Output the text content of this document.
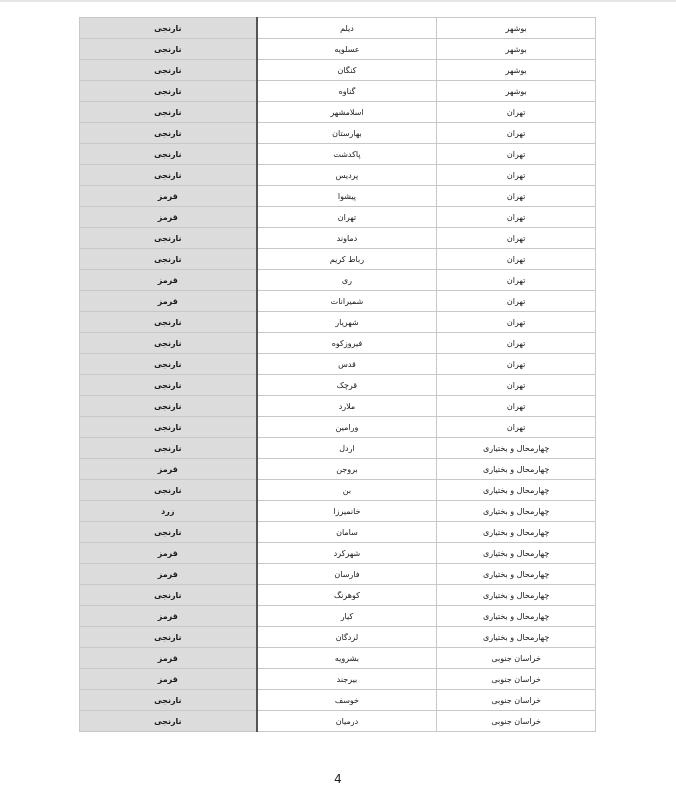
نارنجی	دیلم	بوشهر
نارنجی	عسلویه	بوشهر
نارنجی	کنگان	بوشهر
نارنجی	گناوه	بوشهر
نارنجی	اسلامشهر	تهران
نارنجی	بهارستان	تهران
نارنجی	پاکدشت	تهران
نارنجی	پردیس	تهران
قرمز	پیشوا	تهران
قرمز	تهران	تهران
نارنجی	دماوند	تهران
نارنجی	رباط کریم	تهران
قرمز	ری	تهران
قرمز	شمیرانات	تهران
نارنجی	شهریار	تهران
نارنجی	فیروزکوه	تهران
نارنجی	قدس	تهران
نارنجی	قرچک	تهران
نارنجی	ملارد	تهران
نارنجی	ورامین	تهران
نارنجی	اردل	چهارمحال و بختیاری
قرمز	بروجن	چهارمحال و بختیاری
نارنجی	بن	چهارمحال و بختیاری
زرد	خانمیرزا	چهارمحال و بختیاری
نارنجی	سامان	چهارمحال و بختیاری
قرمز	شهرکرد	چهارمحال و بختیاری
قرمز	فارسان	چهارمحال و بختیاری
نارنجی	کوهرنگ	چهارمحال و بختیاری
قرمز	کیار	چهارمحال و بختیاری
نارنجی	لردگان	چهارمحال و بختیاری
قرمز	بشرویه	خراسان جنوبی
قرمز	بیرجند	خراسان جنوبی
نارنجی	خوسف	خراسان جنوبی
نارنجی	درمیان	خراسان جنوبی
4
